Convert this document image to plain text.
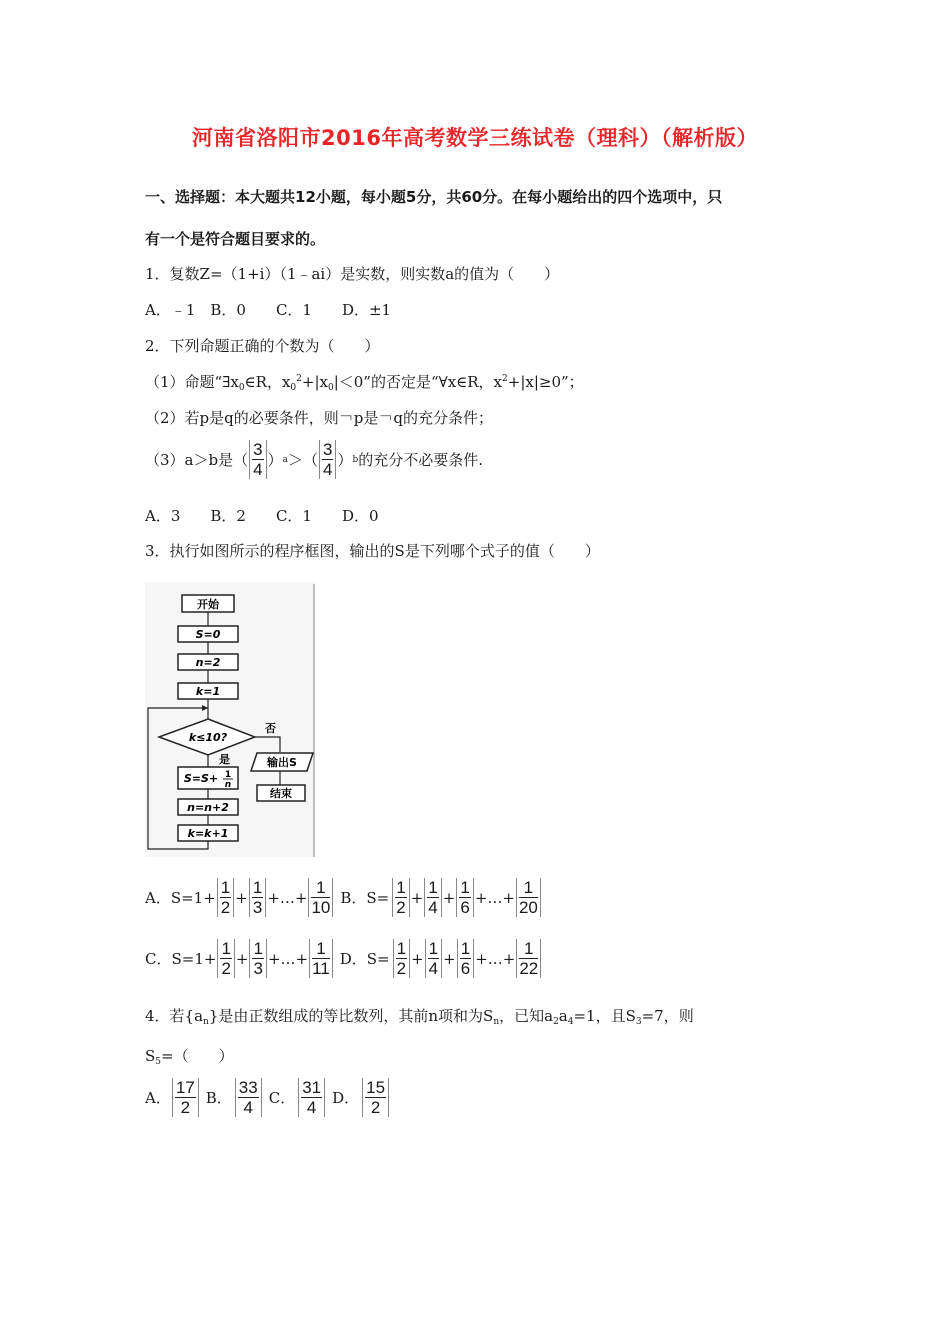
河南省洛阳市2016年高考数学三练试卷（理科）（解析版）
一、选择题：本大题共12小题，每小题5分，共60分。在每小题给出的四个选项中，只
有一个是符合题目要求的。
1．复数Z=（1+i）（1﹣ai）是实数，则实数a的值为（　　）
A．﹣1　B．0　　C．1　　D．±1
2．下列命题正确的个数为（　　）
（1）命题“$\exists x_0\in R$，$x_0^2+|x_0|<0$”的否定是“∀x∈R，$x^2+|x|\ge 0$”；
（2）若p是q的必要条件，则￢p是￢q的充分条件；
（3）a＞b是（ $\frac{3}{4}$ ） a ＞（ $\frac{3}{4}$ ） b 的充分不必要条件.
A．3　　B．2　　C．1　　D．0
3．执行如图所示的程序框图，输出的S是下列哪个式子的值（　　）
开始
S=0
n=2
k=1
k≤10?
否
输出S
结束
是
S=S+ 1
n
n=n+2
k=k+1
A．$S=1+ \frac{1}{2} + \frac{1}{3}$ +…+ $\frac{1}{10}$ B．$S= \frac{1}{2} + \frac{1}{4} + \frac{1}{6}$ +…+ $\frac{1}{20}$
C．$S=1+ \frac{1}{2} + \frac{1}{3}$ +…+ $\frac{1}{11}$ D．$S= \frac{1}{2} + \frac{1}{4} + \frac{1}{6}$ +…+ $\frac{1}{22}$
4．若$\{a_n\}$是由正数组成的等比数列，其前n项和为$S_n$，已知$a_2a_4=1$，且$S_3=7$，则
$S_5=$（　　）
A． $\frac{17}{2}$ B． $\frac{33}{4}$ C． $\frac{31}{4}$ D． $\frac{15}{2}$
